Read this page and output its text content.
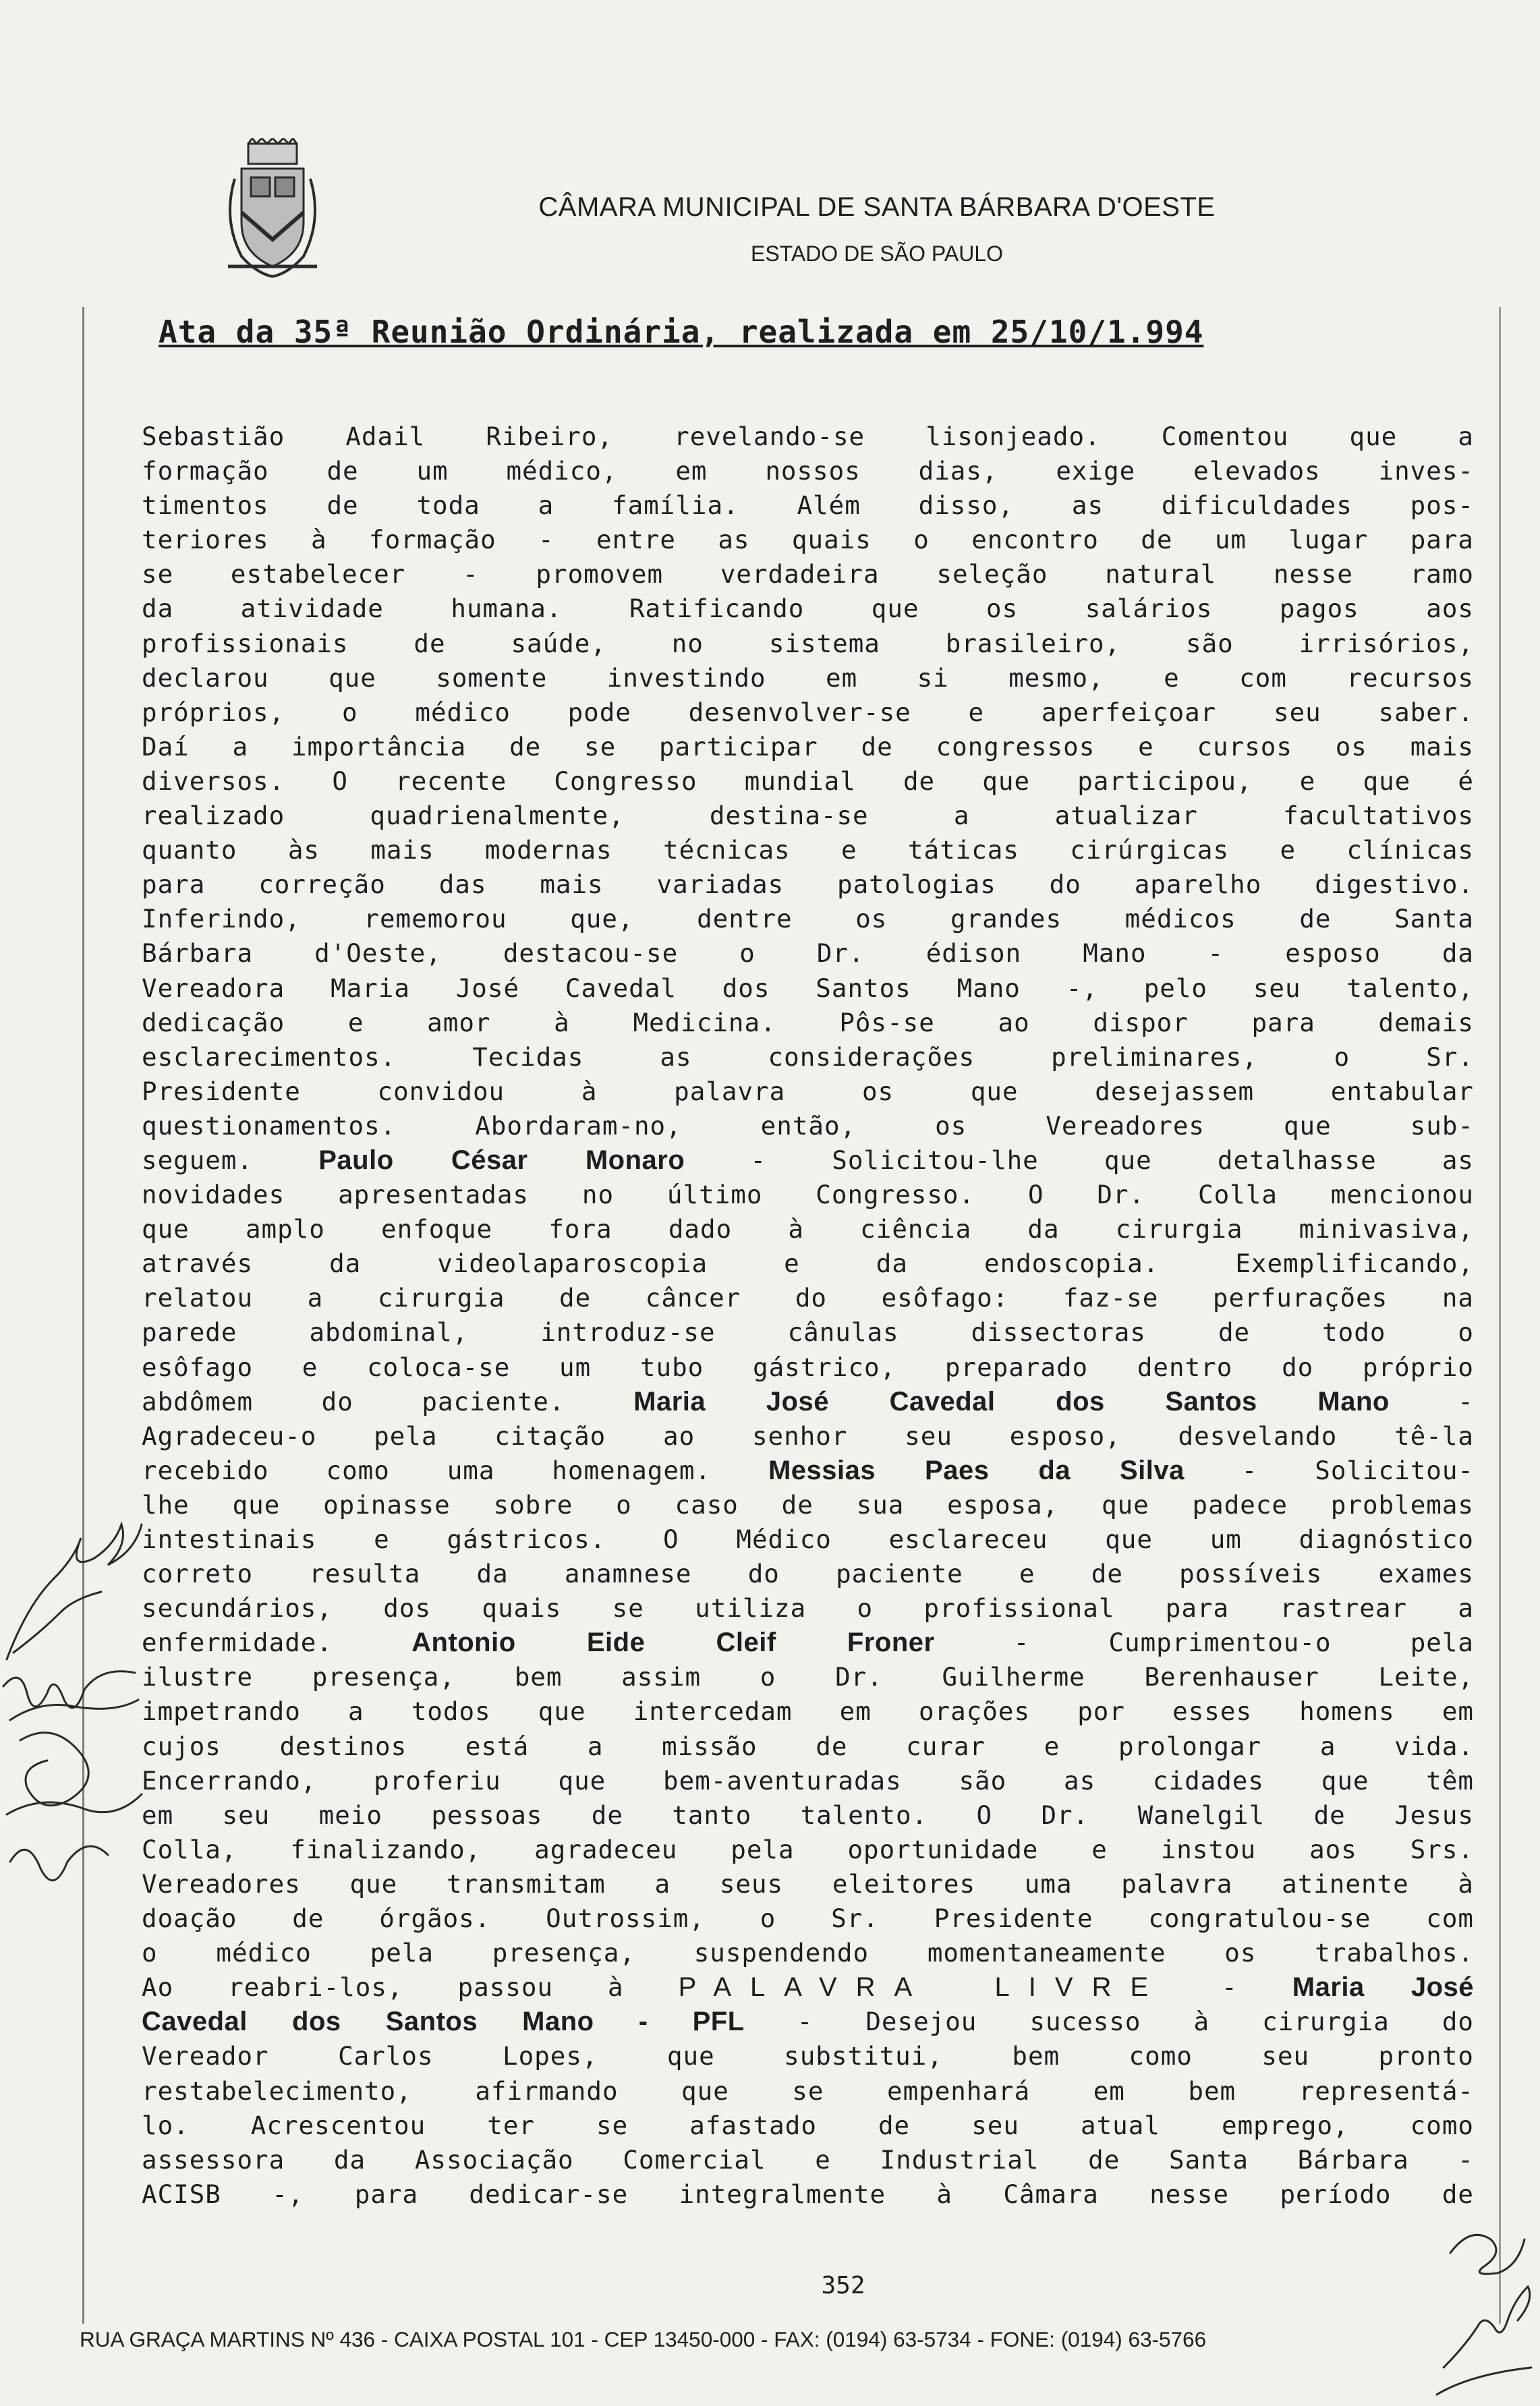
CÂMARA MUNICIPAL DE SANTA BÁRBARA D'OESTE
ESTADO DE SÃO PAULO
Ata da 35ª Reunião Ordinária, realizada em 25/10/1.994
Sebastião Adail Ribeiro, revelando-se lisonjeado. Comentou que a
formação de um médico, em nossos dias, exige elevados inves-
timentos de toda a família. Além disso, as dificuldades pos-
teriores à formação - entre as quais o encontro de um lugar para
se estabelecer - promovem verdadeira seleção natural nesse ramo
da atividade humana. Ratificando que os salários pagos aos
profissionais de saúde, no sistema brasileiro, são irrisórios,
declarou que somente investindo em si mesmo, e com recursos
próprios, o médico pode desenvolver-se e aperfeiçoar seu saber.
Daí a importância de se participar de congressos e cursos os mais
diversos. O recente Congresso mundial de que participou, e que é
realizado quadrienalmente, destina-se a atualizar facultativos
quanto às mais modernas técnicas e táticas cirúrgicas e clínicas
para correção das mais variadas patologias do aparelho digestivo.
Inferindo, rememorou que, dentre os grandes médicos de Santa
Bárbara d'Oeste, destacou-se o Dr. édison Mano - esposo da
Vereadora Maria José Cavedal dos Santos Mano -, pelo seu talento,
dedicação e amor à Medicina. Pôs-se ao dispor para demais
esclarecimentos. Tecidas as considerações preliminares, o Sr.
Presidente convidou à palavra os que desejassem entabular
questionamentos. Abordaram-no, então, os Vereadores que sub-
seguem. Paulo César Monaro - Solicitou-lhe que detalhasse as
novidades apresentadas no último Congresso. O Dr. Colla mencionou
que amplo enfoque fora dado à ciência da cirurgia minivasiva,
através da videolaparoscopia e da endoscopia. Exemplificando,
relatou a cirurgia de câncer do esôfago: faz-se perfurações na
parede abdominal, introduz-se cânulas dissectoras de todo o
esôfago e coloca-se um tubo gástrico, preparado dentro do próprio
abdômem do paciente. Maria José Cavedal dos Santos Mano -
Agradeceu-o pela citação ao senhor seu esposo, desvelando tê-la
recebido como uma homenagem. Messias Paes da Silva - Solicitou-
lhe que opinasse sobre o caso de sua esposa, que padece problemas
intestinais e gástricos. O Médico esclareceu que um diagnóstico
correto resulta da anamnese do paciente e de possíveis exames
secundários, dos quais se utiliza o profissional para rastrear a
enfermidade. Antonio Eide Cleif Froner - Cumprimentou-o pela
ilustre presença, bem assim o Dr. Guilherme Berenhauser Leite,
impetrando a todos que intercedam em orações por esses homens em
cujos destinos está a missão de curar e prolongar a vida.
Encerrando, proferiu que bem-aventuradas são as cidades que têm
em seu meio pessoas de tanto talento. O Dr. Wanelgil de Jesus
Colla, finalizando, agradeceu pela oportunidade e instou aos Srs.
Vereadores que transmitam a seus eleitores uma palavra atinente à
doação de órgãos. Outrossim, o Sr. Presidente congratulou-se com
o médico pela presença, suspendendo momentaneamente os trabalhos.
Ao reabri-los, passou à PALAVRA LIVRE - Maria José
Cavedal dos Santos Mano - PFL - Desejou sucesso à cirurgia do
Vereador Carlos Lopes, que substitui, bem como seu pronto
restabelecimento, afirmando que se empenhará em bem representá-
lo. Acrescentou ter se afastado de seu atual emprego, como
assessora da Associação Comercial e Industrial de Santa Bárbara -
ACISB -, para dedicar-se integralmente à Câmara nesse período de
352
RUA GRAÇA MARTINS Nº 436 - CAIXA POSTAL 101 - CEP 13450-000 - FAX: (0194) 63-5734 - FONE: (0194) 63-5766
